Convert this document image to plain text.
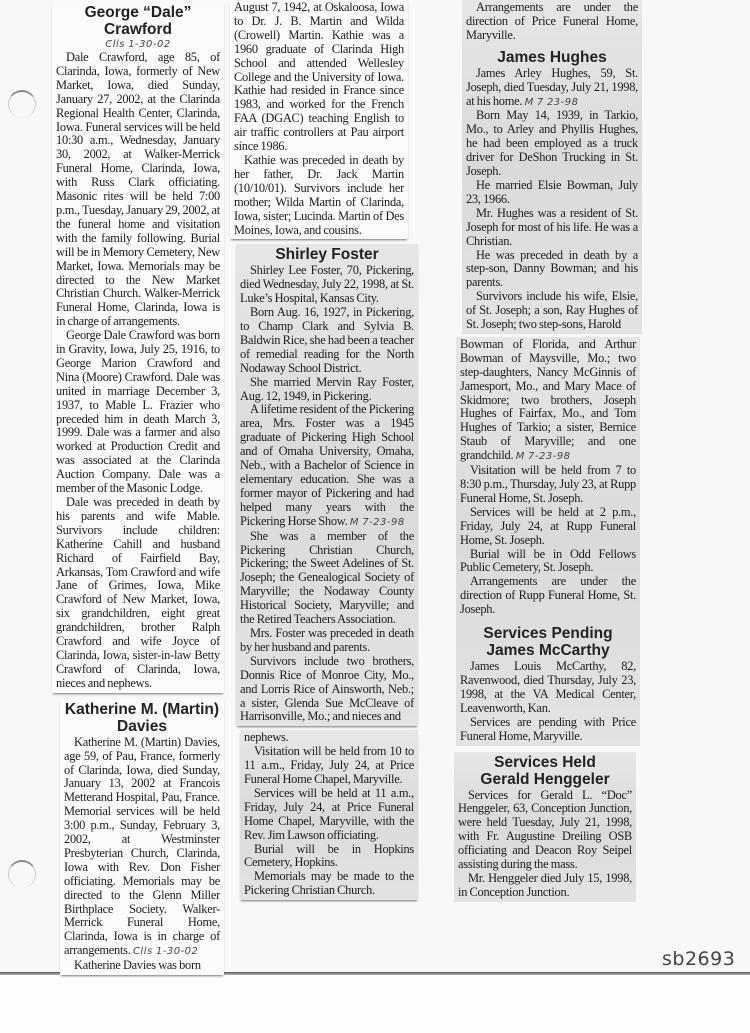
George “Dale” Crawford
Clls 1-30-02

Dale Crawford, age 85, of Clarinda, Iowa, formerly of New Market, Iowa, died Sunday, January 27, 2002, at the Clarinda Regional Health Center, Clarinda, Iowa. Funeral services will be held 10:30 a.m., Wednesday, January 30, 2002, at Walker-Merrick Funeral Home, Clarinda, Iowa, with Russ Clark officiating. Masonic rites will be held 7:00 p.m., Tuesday, January 29, 2002, at the funeral home and visitation with the family following. Burial will be in Memory Cemetery, New Market, Iowa. Memorials may be directed to the New Market Christian Church. Walker-Merrick Funeral Home, Clarinda, Iowa is in charge of arrangements.

George Dale Crawford was born in Gravity, Iowa, July 25, 1916, to George Marion Crawford and Nina (Moore) Crawford. Dale was united in marriage December 3, 1937, to Mable L. Frazier who preceded him in death March 3, 1999. Dale was a farmer and also worked at Production Credit and was associated at the Clarinda Auction Company. Dale was a member of the Masonic Lodge.

Dale was preceded in death by his parents and wife Mable. Survivors include children: Katherine Cahill and husband Richard of Fairfield Bay, Arkansas, Tom Crawford and wife Jane of Grimes, Iowa, Mike Crawford of New Market, Iowa, six grandchildren, eight great grandchildren, brother Ralph Crawford and wife Joyce of Clarinda, Iowa, sister-in-law Betty Crawford of Clarinda, Iowa, nieces and nephews.

Katherine M. (Martin) Davies

Katherine M. (Martin) Davies, age 59, of Pau, France, formerly of Clarinda, Iowa, died Sunday, January 13, 2002 at Francois Metterand Hospital, Pau, France. Memorial services will be held 3:00 p.m., Sunday, February 3, 2002, at Westminster Presbyterian Church, Clarinda, Iowa with Rev. Don Fisher officiating. Memorials may be directed to the Glenn Miller Birthplace Society. Walker-Merrick Funeral Home, Clarinda, Iowa is in charge of arrangements. Clls 1-30-02

Katherine Davies was born

August 7, 1942, at Oskaloosa, Iowa to Dr. J. B. Martin and Wilda (Crowell) Martin. Kathie was a 1960 graduate of Clarinda High School and attended Wellesley College and the University of Iowa. Kathie had resided in France since 1983, and worked for the French FAA (DGAC) teaching English to air traffic controllers at Pau airport since 1986.

Kathie was preceded in death by her father, Dr. Jack Martin (10/10/01). Survivors include her mother; Wilda Martin of Clarinda, Iowa, sister; Lucinda. Martin of Des Moines, Iowa, and cousins.

Shirley Foster

Shirley Lee Foster, 70, Pickering, died Wednesday, July 22, 1998, at St. Luke’s Hospital, Kansas City.

Born Aug. 16, 1927, in Pickering, to Champ Clark and Sylvia B. Baldwin Rice, she had been a teacher of remedial reading for the North Nodaway School District.

She married Mervin Ray Foster, Aug. 12, 1949, in Pickering.

A lifetime resident of the Pickering area, Mrs. Foster was a 1945 graduate of Pickering High School and of Omaha University, Omaha, Neb., with a Bachelor of Science in elementary education. She was a former mayor of Pickering and had helped many years with the Pickering Horse Show. M 7-23-98

She was a member of the Pickering Christian Church, Pickering; the Sweet Adelines of St. Joseph; the Genealogical Society of Maryville; the Nodaway County Historical Society, Maryville; and the Retired Teachers Association.

Mrs. Foster was preceded in death by her husband and parents.

Survivors include two brothers, Donnis Rice of Monroe City, Mo., and Lorris Rice of Ainsworth, Neb.; a sister, Glenda Sue McCleave of Harrisonville, Mo.; and nieces and

nephews.

Visitation will be held from 10 to 11 a.m., Friday, July 24, at Price Funeral Home Chapel, Maryville.

Services will be held at 11 a.m., Friday, July 24, at Price Funeral Home Chapel, Maryville, with the Rev. Jim Lawson officiating.

Burial will be in Hopkins Cemetery, Hopkins.

Memorials may be made to the Pickering Christian Church.

Arrangements are under the direction of Price Funeral Home, Maryville.

James Hughes

James Arley Hughes, 59, St. Joseph, died Tuesday, July 21, 1998, at his home. M 7 23-98

Born May 14, 1939, in Tarkio, Mo., to Arley and Phyllis Hughes, he had been employed as a truck driver for DeShon Trucking in St. Joseph.

He married Elsie Bowman, July 23, 1966.

Mr. Hughes was a resident of St. Joseph for most of his life. He was a Christian.

He was preceded in death by a step-son, Danny Bowman; and his parents.

Survivors include his wife, Elsie, of St. Joseph; a son, Ray Hughes of St. Joseph; two step-sons, Harold

Bowman of Florida, and Arthur Bowman of Maysville, Mo.; two step-daughters, Nancy McGinnis of Jamesport, Mo., and Mary Mace of Skidmore; two brothers, Joseph Hughes of Fairfax, Mo., and Tom Hughes of Tarkio; a sister, Bernice Staub of Maryville; and one grandchild. M 7-23-98

Visitation will be held from 7 to 8:30 p.m., Thursday, July 23, at Rupp Funeral Home, St. Joseph.

Services will be held at 2 p.m., Friday, July 24, at Rupp Funeral Home, St. Joseph.

Burial will be in Odd Fellows Public Cemetery, St. Joseph.

Arrangements are under the direction of Rupp Funeral Home, St. Joseph.

Services Pending
James McCarthy

James Louis McCarthy, 82, Ravenwood, died Thursday, July 23, 1998, at the VA Medical Center, Leavenworth, Kan.

Services are pending with Price Funeral Home, Maryville.

Services Held
Gerald Henggeler

Services for Gerald L. “Doc” Henggeler, 63, Conception Junction, were held Tuesday, July 21, 1998, with Fr. Augustine Dreiling OSB officiating and Deacon Roy Seipel assisting during the mass.

Mr. Henggeler died July 15, 1998, in Conception Junction.

sb2693
